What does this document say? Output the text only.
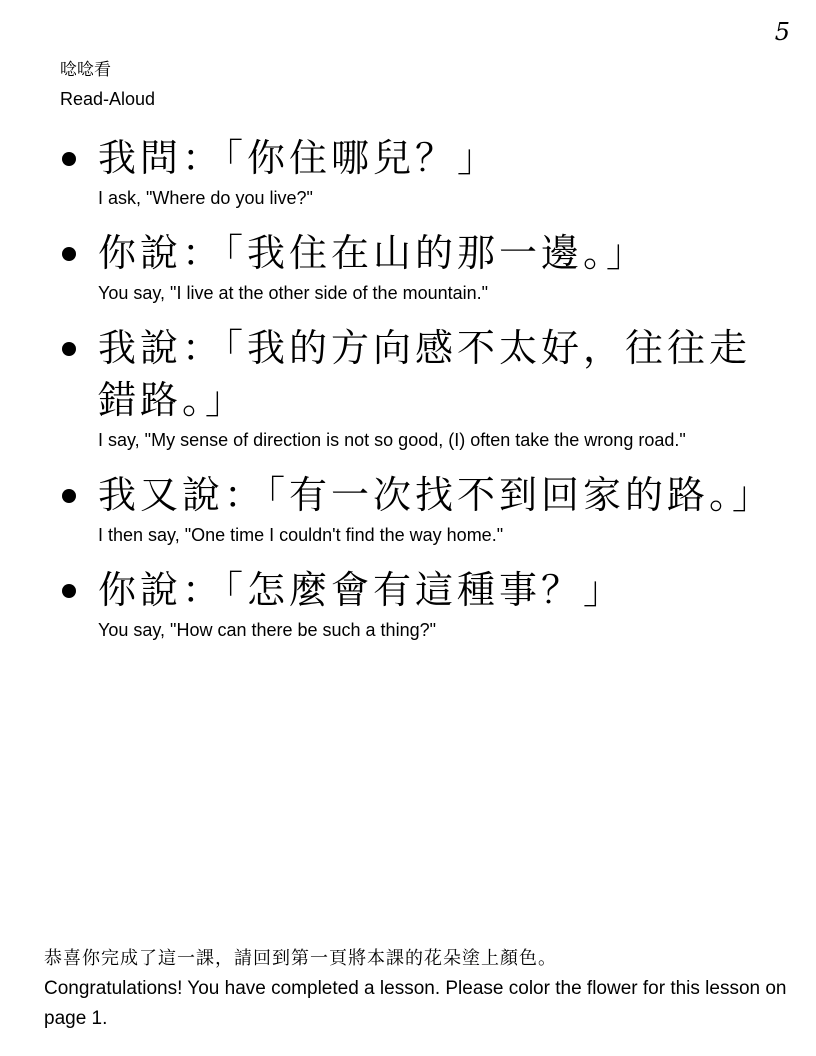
5
唸唸看
Read-Aloud
我問：「你住哪兒？」
I ask, "Where do you live?"
你說：「我住在山的那一邊。」
You say, "I live at the other side of the mountain."
我說：「我的方向感不太好，往往走錯路。」
I say, "My sense of direction is not so good, (I) often take the wrong road."
我又說：「有一次找不到回家的路。」
I then say, "One time I couldn't find the way home."
你說：「怎麼會有這種事？」
You say, "How can there be such a thing?"
恭喜你完成了這一課，請回到第一頁將本課的花朵塗上顏色。
Congratulations! You have completed a lesson. Please color the flower for this lesson on page 1.
